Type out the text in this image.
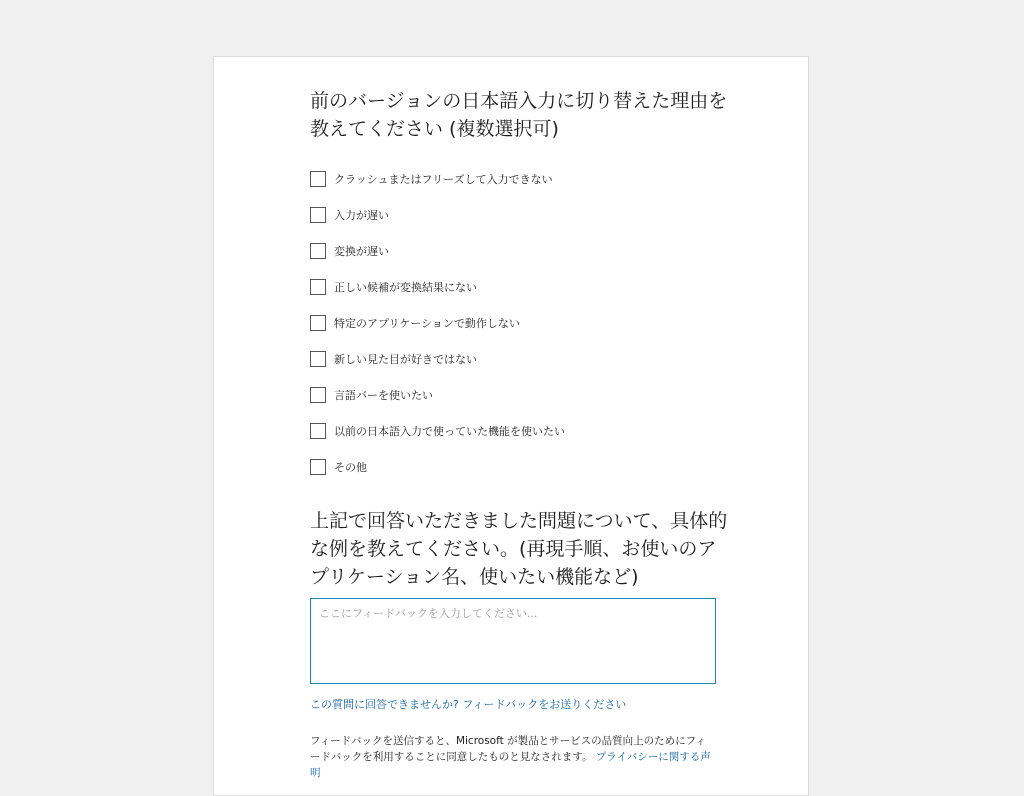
前のバージョンの日本語入力に切り替えた理由を教えてください (複数選択可)

クラッシュまたはフリーズして入力できない
入力が遅い
変換が遅い
正しい候補が変換結果にない
特定のアプリケーションで動作しない
新しい見た目が好きではない
言語バーを使いたい
以前の日本語入力で使っていた機能を使いたい
その他

上記で回答いただきました問題について、具体的な例を教えてください。(再現手順、お使いのアプリケーション名、使いたい機能など)

ここにフィードバックを入力してください... この質問に回答できませんか? フィードバックをお送りください
フィードバックを送信すると、Microsoft が製品とサービスの品質向上のためにフィードバックを利用することに同意したものと見なされます。 プライバシーに関する声明
